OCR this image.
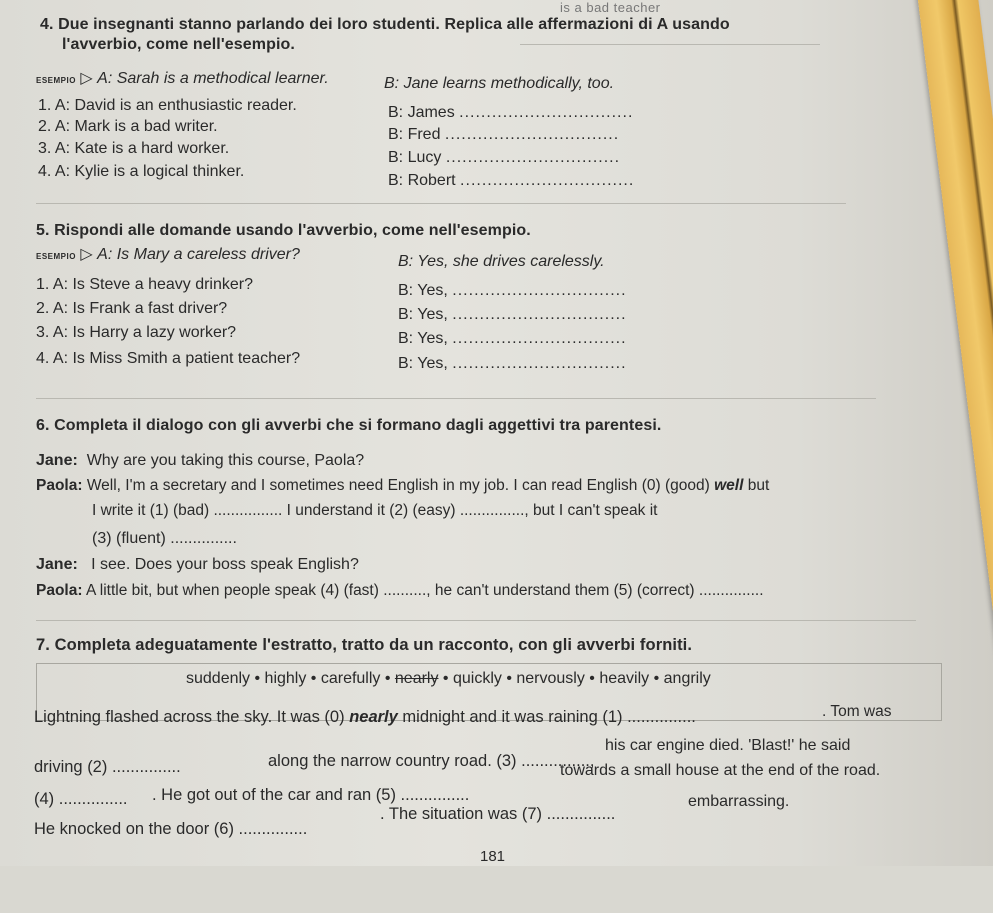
is a bad teacher
4. Due insegnanti stanno parlando dei loro studenti. Replica alle affermazioni di A usando
l'avverbio, come nell'esempio.
ESEMPIO ▷ A: Sarah is a methodical learner.	B: Jane learns methodically, too.
1. A: David is an enthusiastic reader.	B: James ................................
2. A: Mark is a bad writer.	B: Fred ................................
3. A: Kate is a hard worker.
B: Lucy ................................
4. A: Kylie is a logical thinker.
B: Robert ................................
5. Rispondi alle domande usando l'avverbio, come nell'esempio.
ESEMPIO ▷ A: Is Mary a careless driver?	B: Yes, she drives carelessly.
1. A: Is Steve a heavy drinker?	B: Yes, ................................
2. A: Is Frank a fast driver?	B: Yes, ................................
3. A: Is Harry a lazy worker?	B: Yes, ................................
4. A: Is Miss Smith a patient teacher?	B: Yes, ................................
6. Completa il dialogo con gli avverbi che si formano dagli aggettivi tra parentesi.
Jane: Why are you taking this course, Paola?
Paola: Well, I'm a secretary and I sometimes need English in my job. I can read English (0) (good) well but
I write it (1) (bad) ................ I understand it (2) (easy) ..............., but I can't speak it
(3) (fluent) ...............
Jane: I see. Does your boss speak English?
Paola: A little bit, but when people speak (4) (fast) .........., he can't understand them (5) (correct) ...............
7. Completa adeguatamente l'estratto, tratto da un racconto, con gli avverbi forniti.
suddenly • highly • carefully • nearly • quickly • nervously • heavily • angrily
Lightning flashed across the sky. It was (0) nearly midnight and it was raining (1) ...............	. Tom was
driving (2) ...............	along the narrow country road. (3) ...............,
his car engine died. 'Blast!' he said
(4) ............... . He got out of the car and ran (5) ...............
towards a small house at the end of the road.
He knocked on the door (6) ...............
. The situation was (7) ...............
embarrassing.
181
